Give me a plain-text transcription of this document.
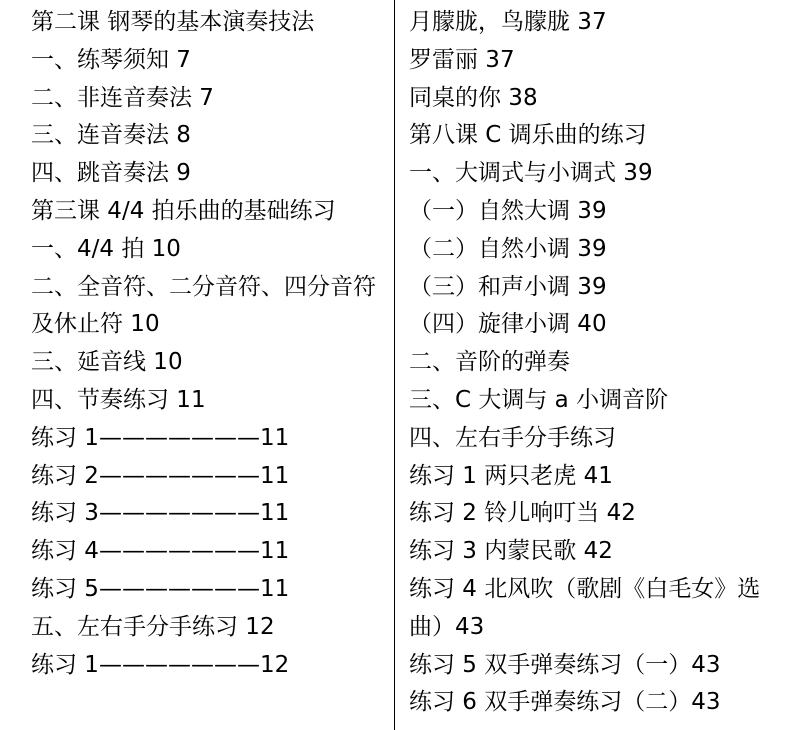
第二课 钢琴的基本演奏技法
一、练琴须知 7
二、非连音奏法 7
三、连音奏法 8
四、跳音奏法 9
第三课 4/4 拍乐曲的基础练习
一、4/4 拍 10
二、全音符、二分音符、四分音符及休止符 10
三、延音线 10
四、节奏练习 11
练习 1———————11
练习 2———————11
练习 3———————11
练习 4———————11
练习 5———————11
五、左右手分手练习 12
练习 1———————12
月朦胧，鸟朦胧 37
罗雷丽 37
同桌的你 38
第八课 C 调乐曲的练习
一、大调式与小调式 39
（一）自然大调 39
（二）自然小调 39
（三）和声小调 39
（四）旋律小调 40
二、音阶的弹奏
三、C 大调与 a 小调音阶
四、左右手分手练习
练习 1 两只老虎 41
练习 2 铃儿响叮当 42
练习 3 内蒙民歌 42
练习 4 北风吹（歌剧《白毛女》选曲）43
练习 5 双手弹奏练习（一）43
练习 6 双手弹奏练习（二）43
